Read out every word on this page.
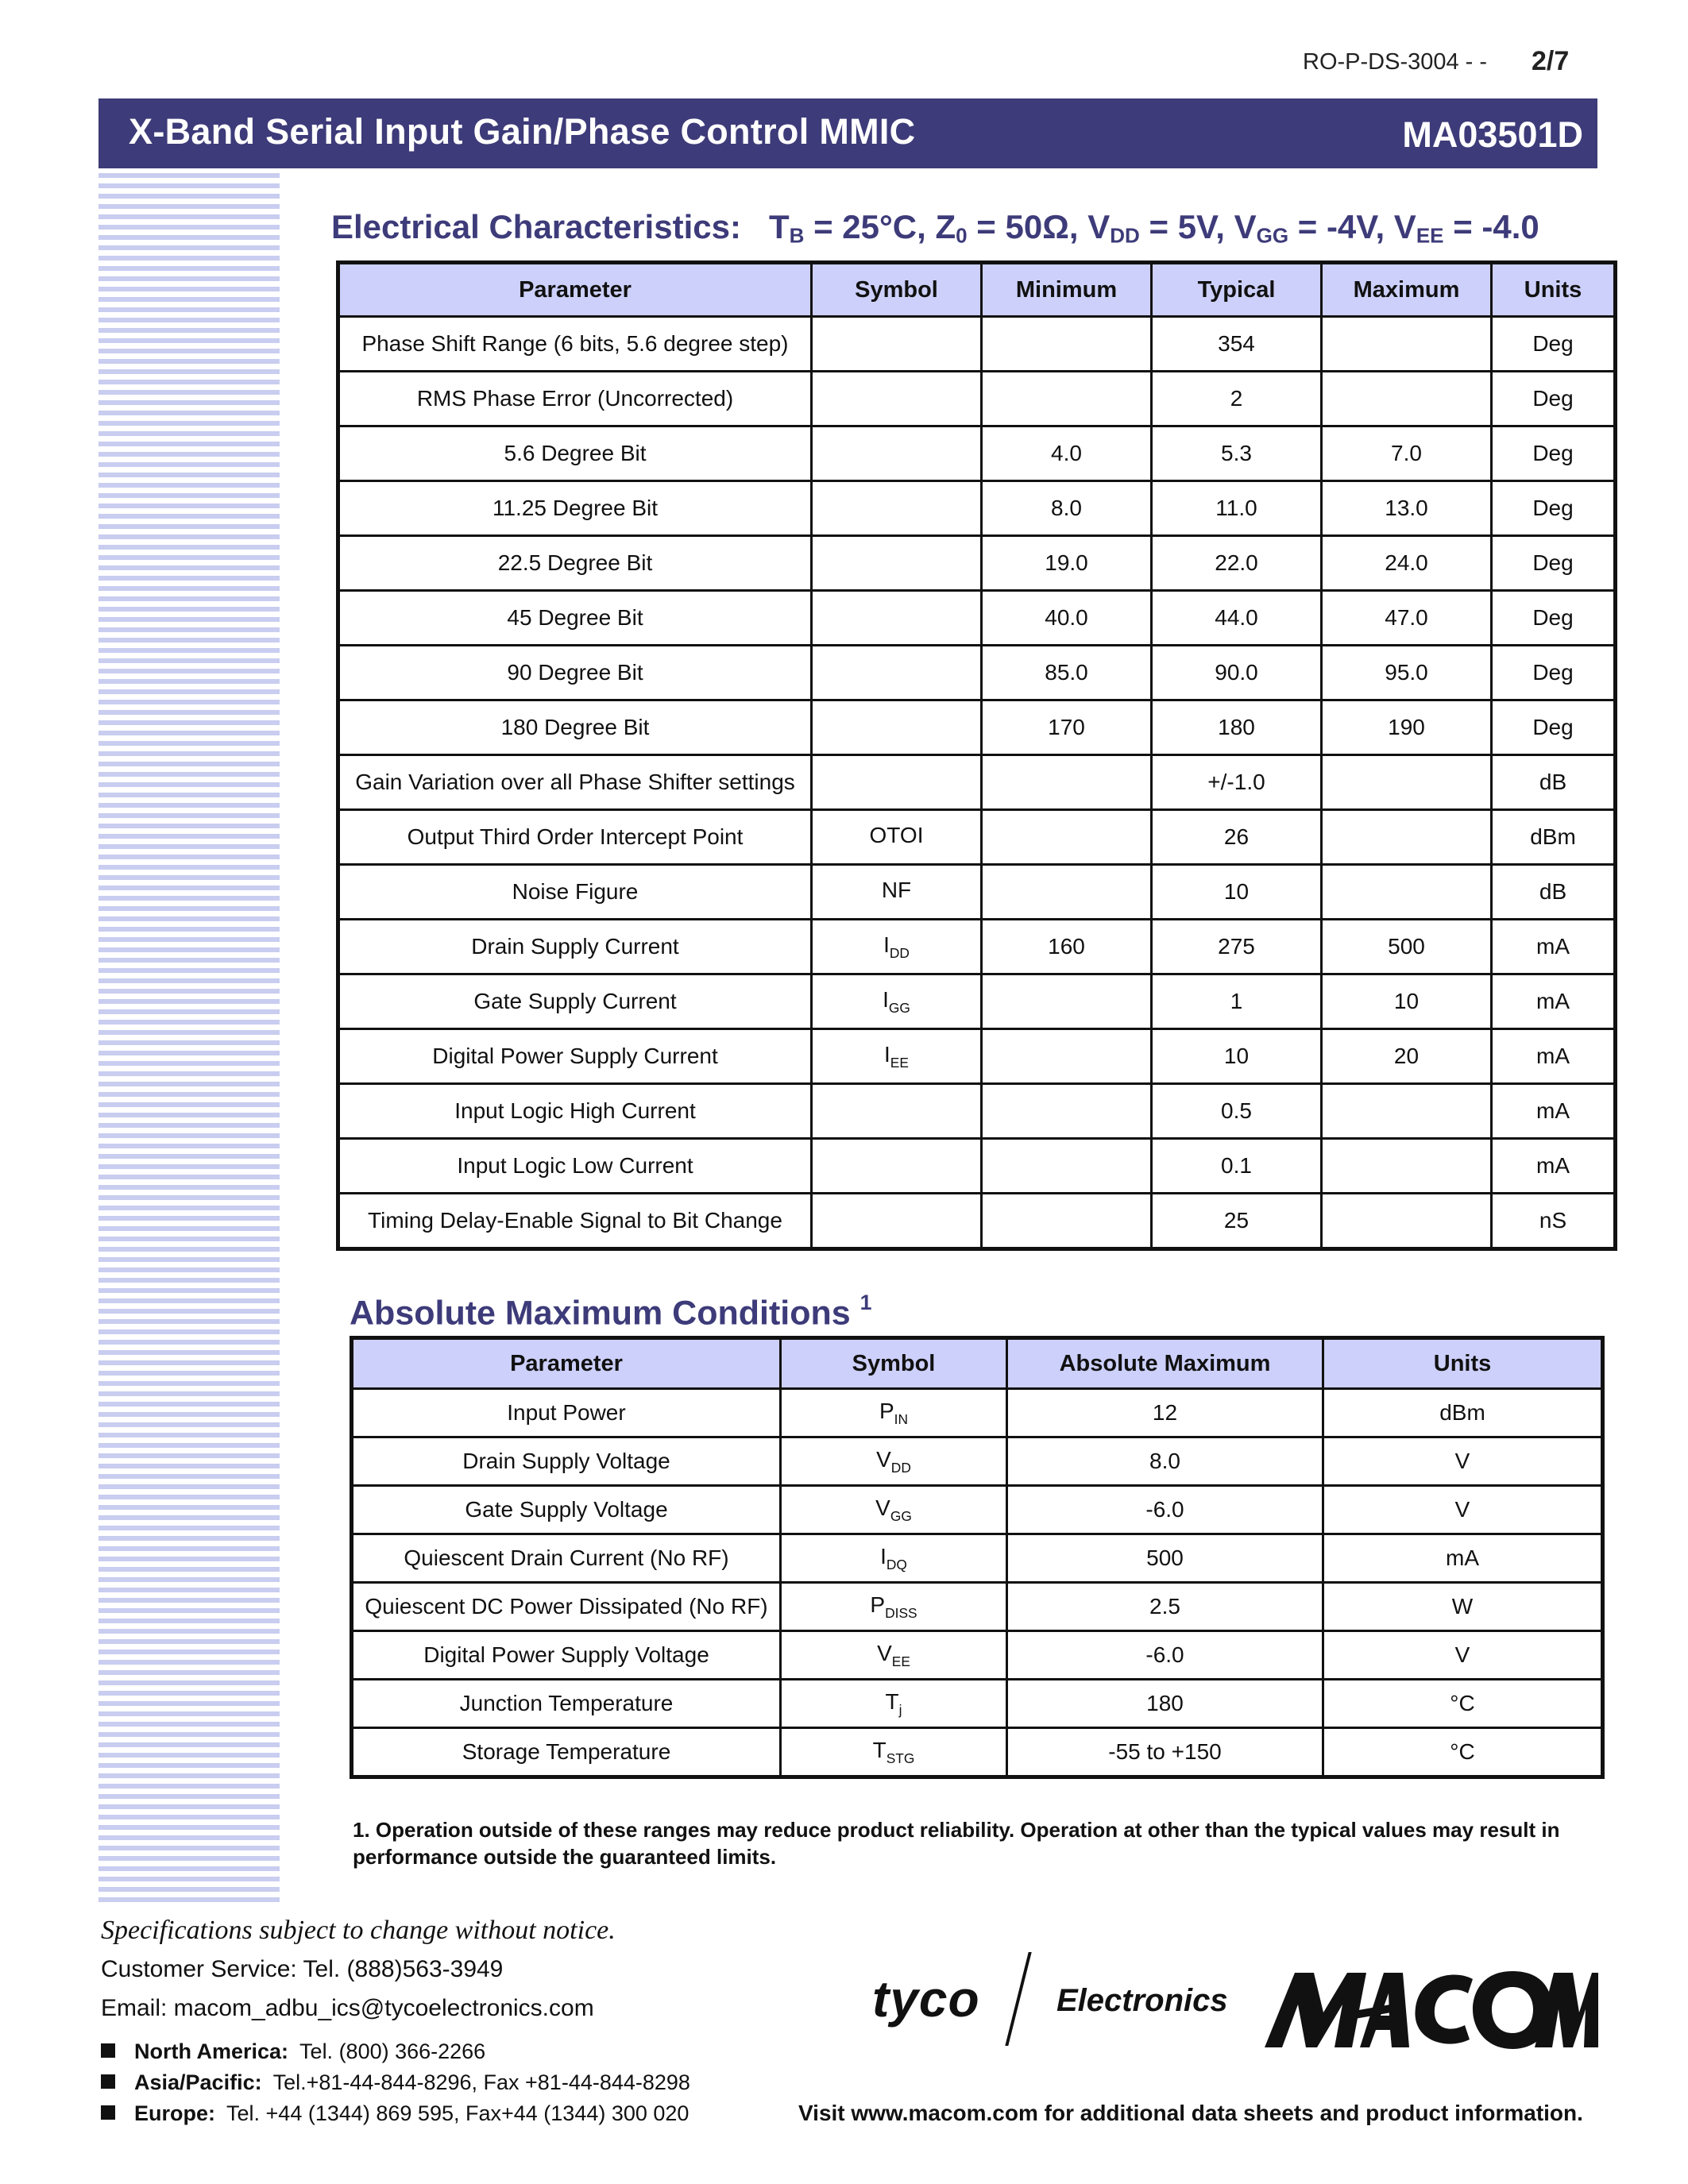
RO-P-DS-3004 - - 2/7
X-Band Serial Input Gain/Phase Control MMIC	MA03501D
Electrical Characteristics: $T_B = 25^\circ C$, $Z_0 = 50\Omega$, $V_{DD} = 5V$, $V_{GG} = -4V$, $V_{EE} = -4.0$
Parameter	Symbol	Minimum	Typical	Maximum	Units
Phase Shift Range (6 bits, 5.6 degree step)			354		Deg
RMS Phase Error (Uncorrected)			2		Deg
5.6 Degree Bit		4.0	5.3	7.0	Deg
11.25 Degree Bit		8.0	11.0	13.0	Deg
22.5 Degree Bit		19.0	22.0	24.0	Deg
45 Degree Bit		40.0	44.0	47.0	Deg
90 Degree Bit		85.0	90.0	95.0	Deg
180 Degree Bit		170	180	190	Deg
Gain Variation over all Phase Shifter settings			+/-1.0		dB
Output Third Order Intercept Point	OTOI		26		dBm
Noise Figure	NF		10		dB
Drain Supply Current	$I_{DD}$	160	275	500	mA
Gate Supply Current	$I_{GG}$		1	10	mA
Digital Power Supply Current	$I_{EE}$		10	20	mA
Input Logic High Current			0.5		mA
Input Logic Low Current			0.1		mA
Timing Delay-Enable Signal to Bit Change			25		nS
Absolute Maximum Conditions $^1$
Parameter	Symbol	Absolute Maximum	Units
Input Power	$P_{IN}$	12	dBm
Drain Supply Voltage	$V_{DD}$	8.0	V
Gate Supply Voltage	$V_{GG}$	-6.0	V
Quiescent Drain Current (No RF)	$I_{DQ}$	500	mA
Quiescent DC Power Dissipated (No RF)	$P_{DISS}$	2.5	W
Digital Power Supply Voltage	$V_{EE}$	-6.0	V
Junction Temperature	$T_j$	180	°C
Storage Temperature	$T_{STG}$	-55 to +150	°C
1. Operation outside of these ranges may reduce product reliability. Operation at other than the typical values may result in performance outside the guaranteed limits.
Specifications subject to change without notice.
Customer Service: Tel. (888)563-3949
Email: macom_adbu_ics@tycoelectronics.com
North America: Tel. (800) 366-2266
Asia/Pacific: Tel.+81-44-844-8296, Fax +81-44-844-8298
Europe: Tel. +44 (1344) 869 595, Fax+44 (1344) 300 020
tyco Electronics
M/A-COM
Visit www.macom.com for additional data sheets and product information.
